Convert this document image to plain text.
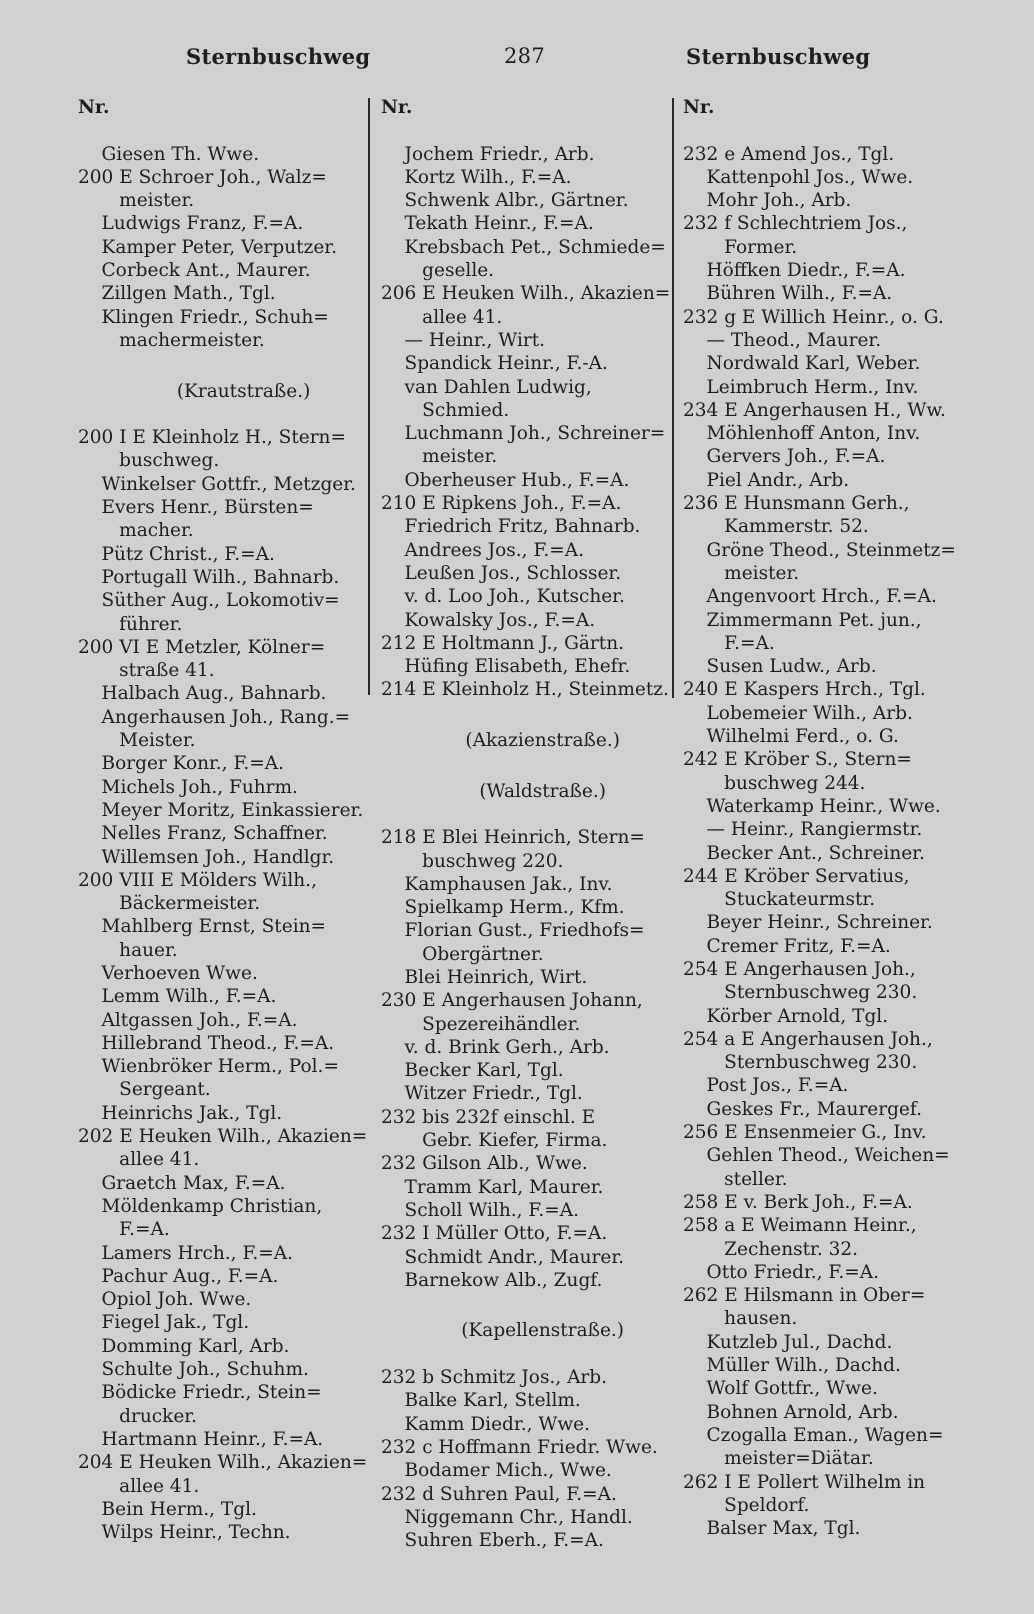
Sternbuschweg	287	Sternbuschweg
Nr.
Giesen Th. Wwe.
200 E Schroer Joh., Walz=
meister.
Ludwigs Franz, F.=A.
Kamper Peter, Verputzer.
Corbeck Ant., Maurer.
Zillgen Math., Tgl.
Klingen Friedr., Schuh=
machermeister.
(Krautstraße.)
200 I E Kleinholz H., Stern=
buschweg.
Winkelser Gottfr., Metzger.
Evers Henr., Bürsten=
macher.
Pütz Christ., F.=A.
Portugall Wilh., Bahnarb.
Süther Aug., Lokomotiv=
führer.
200 VI E Metzler, Kölner=
straße 41.
Halbach Aug., Bahnarb.
Angerhausen Joh., Rang.=
Meister.
Borger Konr., F.=A.
Michels Joh., Fuhrm.
Meyer Moritz, Einkassierer.
Nelles Franz, Schaffner.
Willemsen Joh., Handlgr.
200 VIII E Mölders Wilh.,
Bäckermeister.
Mahlberg Ernst, Stein=
hauer.
Verhoeven Wwe.
Lemm Wilh., F.=A.
Altgassen Joh., F.=A.
Hillebrand Theod., F.=A.
Wienbröker Herm., Pol.=
Sergeant.
Heinrichs Jak., Tgl.
202 E Heuken Wilh., Akazien=
allee 41.
Graetch Max, F.=A.
Möldenkamp Christian,
F.=A.
Lamers Hrch., F.=A.
Pachur Aug., F.=A.
Opiol Joh. Wwe.
Fiegel Jak., Tgl.
Domming Karl, Arb.
Schulte Joh., Schuhm.
Bödicke Friedr., Stein=
drucker.
Hartmann Heinr., F.=A.
204 E Heuken Wilh., Akazien=
allee 41.
Bein Herm., Tgl.
Wilps Heinr., Techn.
Nr.
Jochem Friedr., Arb.
Kortz Wilh., F.=A.
Schwenk Albr., Gärtner.
Tekath Heinr., F.=A.
Krebsbach Pet., Schmiede=
geselle.
206 E Heuken Wilh., Akazien=
allee 41.
— Heinr., Wirt.
Spandick Heinr., F.-A.
van Dahlen Ludwig,
Schmied.
Luchmann Joh., Schreiner=
meister.
Oberheuser Hub., F.=A.
210 E Ripkens Joh., F.=A.
Friedrich Fritz, Bahnarb.
Andrees Jos., F.=A.
Leußen Jos., Schlosser.
v. d. Loo Joh., Kutscher.
Kowalsky Jos., F.=A.
212 E Holtmann J., Gärtn.
Hüfing Elisabeth, Ehefr.
214 E Kleinholz H., Steinmetz.
(Akazienstraße.)
(Waldstraße.)
218 E Blei Heinrich, Stern=
buschweg 220.
Kamphausen Jak., Inv.
Spielkamp Herm., Kfm.
Florian Gust., Friedhofs=
Obergärtner.
Blei Heinrich, Wirt.
230 E Angerhausen Johann,
Spezereihändler.
v. d. Brink Gerh., Arb.
Becker Karl, Tgl.
Witzer Friedr., Tgl.
232 bis 232f einschl. E
Gebr. Kiefer, Firma.
232 Gilson Alb., Wwe.
Tramm Karl, Maurer.
Scholl Wilh., F.=A.
232 I Müller Otto, F.=A.
Schmidt Andr., Maurer.
Barnekow Alb., Zugf.
(Kapellenstraße.)
232 b Schmitz Jos., Arb.
Balke Karl, Stellm.
Kamm Diedr., Wwe.
232 c Hoffmann Friedr. Wwe.
Bodamer Mich., Wwe.
232 d Suhren Paul, F.=A.
Niggemann Chr., Handl.
Suhren Eberh., F.=A.
Nr.
232 e Amend Jos., Tgl.
Kattenpohl Jos., Wwe.
Mohr Joh., Arb.
232 f Schlechtriem Jos.,
Former.
Höffken Diedr., F.=A.
Bühren Wilh., F.=A.
232 g E Willich Heinr., o. G.
— Theod., Maurer.
Nordwald Karl, Weber.
Leimbruch Herm., Inv.
234 E Angerhausen H., Ww.
Möhlenhoff Anton, Inv.
Gervers Joh., F.=A.
Piel Andr., Arb.
236 E Hunsmann Gerh.,
Kammerstr. 52.
Gröne Theod., Steinmetz=
meister.
Angenvoort Hrch., F.=A.
Zimmermann Pet. jun.,
F.=A.
Susen Ludw., Arb.
240 E Kaspers Hrch., Tgl.
Lobemeier Wilh., Arb.
Wilhelmi Ferd., o. G.
242 E Kröber S., Stern=
buschweg 244.
Waterkamp Heinr., Wwe.
— Heinr., Rangiermstr.
Becker Ant., Schreiner.
244 E Kröber Servatius,
Stuckateurmstr.
Beyer Heinr., Schreiner.
Cremer Fritz, F.=A.
254 E Angerhausen Joh.,
Sternbuschweg 230.
Körber Arnold, Tgl.
254 a E Angerhausen Joh.,
Sternbuschweg 230.
Post Jos., F.=A.
Geskes Fr., Maurergef.
256 E Ensenmeier G., Inv.
Gehlen Theod., Weichen=
steller.
258 E v. Berk Joh., F.=A.
258 a E Weimann Heinr.,
Zechenstr. 32.
Otto Friedr., F.=A.
262 E Hilsmann in Ober=
hausen.
Kutzleb Jul., Dachd.
Müller Wilh., Dachd.
Wolf Gottfr., Wwe.
Bohnen Arnold, Arb.
Czogalla Eman., Wagen=
meister=Diätar.
262 I E Pollert Wilhelm in
Speldorf.
Balser Max, Tgl.
